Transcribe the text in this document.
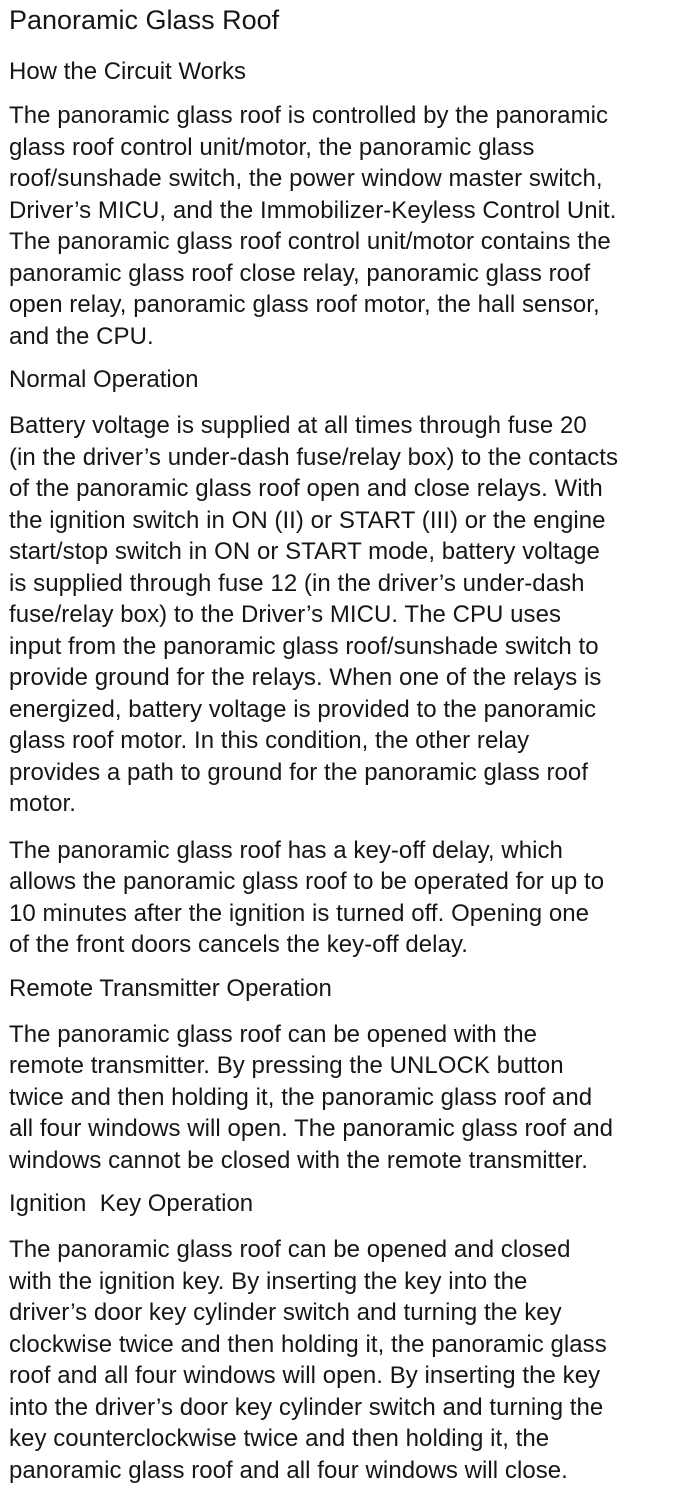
Panoramic Glass Roof
How the Circuit Works

The panoramic glass roof is controlled by the panoramic
glass roof control unit/motor, the panoramic glass
roof/sunshade switch, the power window master switch,
Driver’s MICU, and the Immobilizer-Keyless Control Unit.
The panoramic glass roof control unit/motor contains the
panoramic glass roof close relay, panoramic glass roof
open relay, panoramic glass roof motor, the hall sensor,
and the CPU.

Normal Operation

Battery voltage is supplied at all times through fuse 20
(in the driver’s under-dash fuse/relay box) to the contacts
of the panoramic glass roof open and close relays. With
the ignition switch in ON (II) or START (III) or the engine
start/stop switch in ON or START mode, battery voltage
is supplied through fuse 12 (in the driver’s under-dash
fuse/relay box) to the Driver’s MICU. The CPU uses
input from the panoramic glass roof/sunshade switch to
provide ground for the relays. When one of the relays is
energized, battery voltage is provided to the panoramic
glass roof motor. In this condition, the other relay
provides a path to ground for the panoramic glass roof
motor.

The panoramic glass roof has a key-off delay, which
allows the panoramic glass roof to be operated for up to
10 minutes after the ignition is turned off. Opening one
of the front doors cancels the key-off delay.

Remote Transmitter Operation

The panoramic glass roof can be opened with the
remote transmitter. By pressing the UNLOCK button
twice and then holding it, the panoramic glass roof and
all four windows will open. The panoramic glass roof and
windows cannot be closed with the remote transmitter.

Ignition  Key Operation

The panoramic glass roof can be opened and closed
with the ignition key. By inserting the key into the
driver’s door key cylinder switch and turning the key
clockwise twice and then holding it, the panoramic glass
roof and all four windows will open. By inserting the key
into the driver’s door key cylinder switch and turning the
key counterclockwise twice and then holding it, the
panoramic glass roof and all four windows will close.
